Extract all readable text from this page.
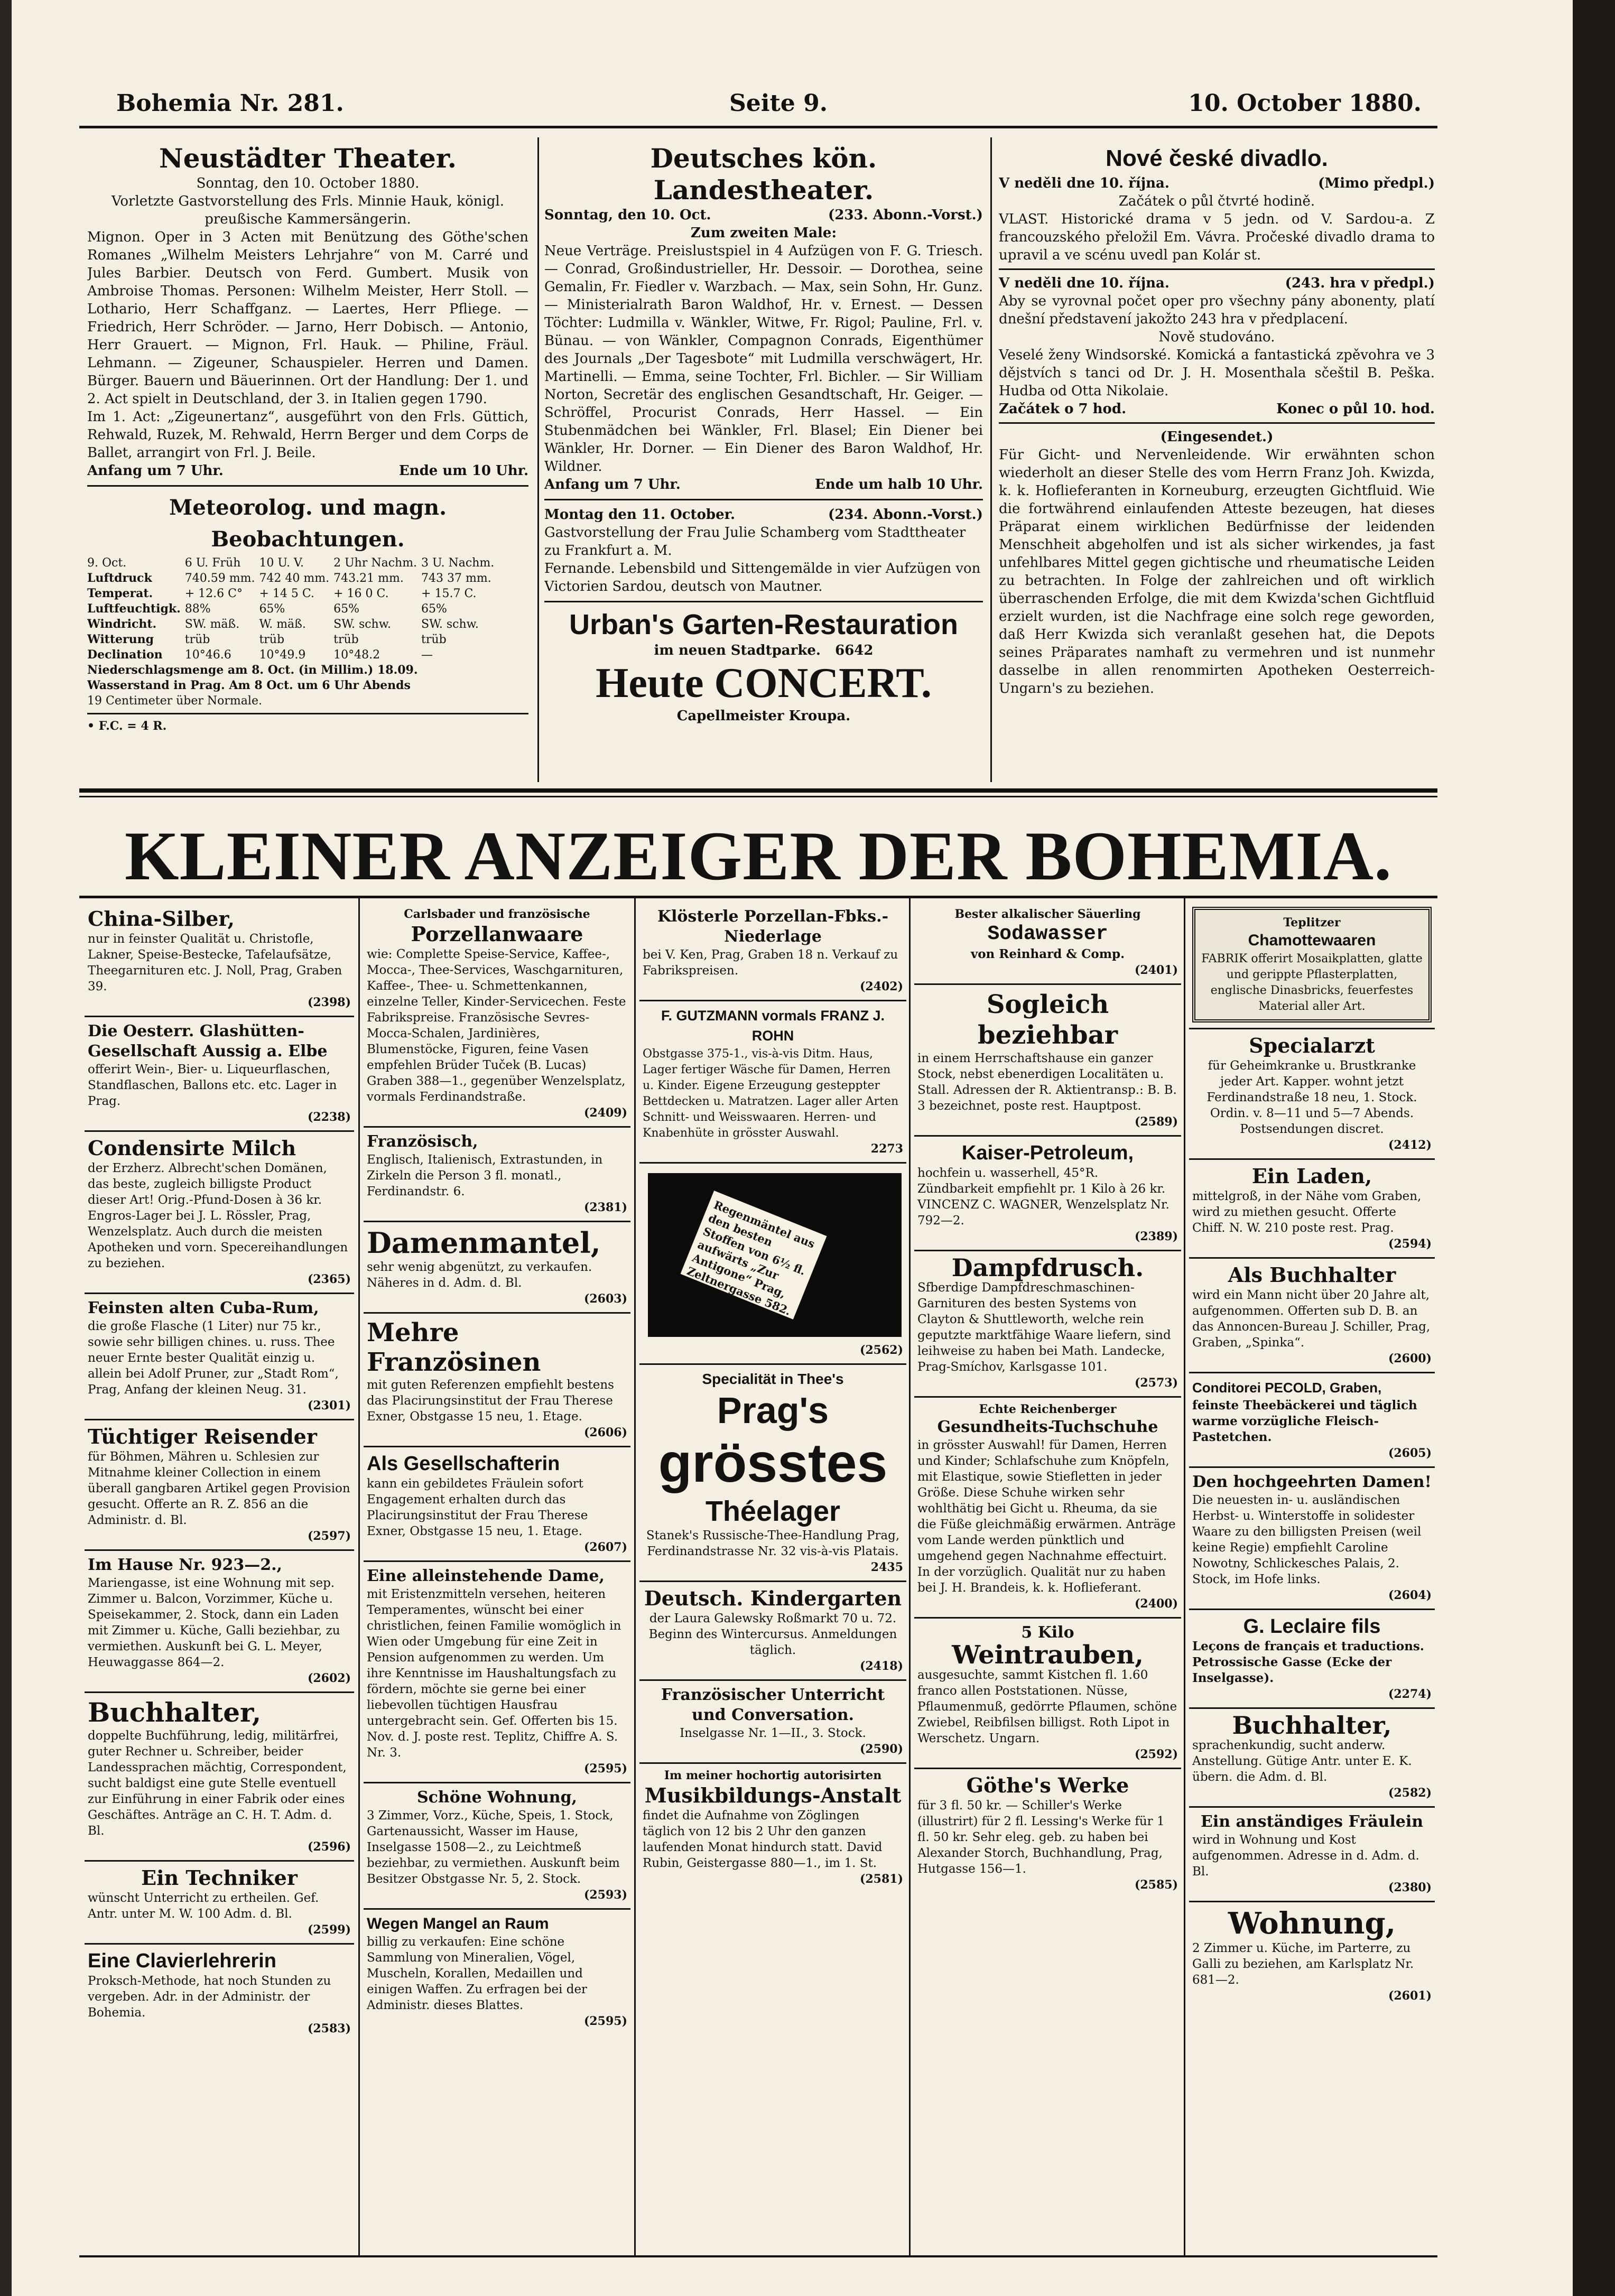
Bohemia Nr. 281.	Seite 9.	10. October 1880.
Neustädter Theater.
Sonntag, den 10. October 1880.
Vorletzte Gastvorstellung des Frls. Minnie Hauk, königl. preußische Kammersängerin.
Mignon. Oper in 3 Acten mit Benützung des Göthe'schen Romanes „Wilhelm Meisters Lehrjahre“ von M. Carré und Jules Barbier. Deutsch von Ferd. Gumbert. Musik von Ambroise Thomas. Personen: Wilhelm Meister, Herr Stoll. — Lothario, Herr Schaffganz. — Laertes, Herr Pfliege. — Friedrich, Herr Schröder. — Jarno, Herr Dobisch. — Antonio, Herr Grauert. — Mignon, Frl. Hauk. — Philine, Fräul. Lehmann. — Zigeuner, Schauspieler. Herren und Damen. Bürger. Bauern und Bäuerinnen. Ort der Handlung: Der 1. und 2. Act spielt in Deutschland, der 3. in Italien gegen 1790.
Im 1. Act: „Zigeunertanz“, ausgeführt von den Frls. Güttich, Rehwald, Ruzek, M. Rehwald, Herrn Berger und dem Corps de Ballet, arrangirt von Frl. J. Beile.
Anfang um 7 Uhr.	Ende um 10 Uhr.
Meteorolog. und magn. Beobachtungen.
9. Oct.	6 U. Früh	10 U. V.	2 Uhr Nachm.	3 U. Nachm.
Luftdruck	740.59 mm.	742 40 mm.	743.21 mm.	743 37 mm.
Temperat.	+ 12.6 C°	+ 14 5 C.	+ 16 0 C.	+ 15.7 C.
Luftfeuchtigk.	88%	65%	65%	65%
Windricht.	SW. mäß.	W. mäß.	SW. schw.	SW. schw.
Witterung	trüb	trüb	trüb	trüb
Declination	10°46.6	10°49.9	10°48.2	—
Niederschlagsmenge am 8. Oct. (in Millim.) 18.09.
Wasserstand in Prag. Am 8 Oct. um 6 Uhr Abends
19 Centimeter über Normale.
• F.C. = 4 R.
Deutsches kön. Landestheater.
Sonntag, den 10. Oct.	(233. Abonn.-Vorst.)
Zum zweiten Male:
Neue Verträge. Preislustspiel in 4 Aufzügen von F. G. Triesch. — Conrad, Großindustrieller, Hr. Dessoir. — Dorothea, seine Gemalin, Fr. Fiedler v. Warzbach. — Max, sein Sohn, Hr. Gunz. — Ministerialrath Baron Waldhof, Hr. v. Ernest. — Dessen Töchter: Ludmilla v. Wänkler, Witwe, Fr. Rigol; Pauline, Frl. v. Bünau. — von Wänkler, Compagnon Conrads, Eigenthümer des Journals „Der Tagesbote“ mit Ludmilla verschwägert, Hr. Martinelli. — Emma, seine Tochter, Frl. Bichler. — Sir William Norton, Secretär des englischen Gesandtschaft, Hr. Geiger. — Schröffel, Procurist Conrads, Herr Hassel. — Ein Stubenmädchen bei Wänkler, Frl. Blasel; Ein Diener bei Wänkler, Hr. Dorner. — Ein Diener des Baron Waldhof, Hr. Wildner.
Anfang um 7 Uhr.	Ende um halb 10 Uhr.
Montag den 11. October.	(234. Abonn.-Vorst.)
Gastvorstellung der Frau Julie Schamberg vom Stadttheater zu Frankfurt a. M.
Fernande. Lebensbild und Sittengemälde in vier Aufzügen von Victorien Sardou, deutsch von Mautner.
Urban's Garten-Restauration
im neuen Stadtparke. 6642
Heute CONCERT.
Capellmeister Kroupa.
Nové české divadlo.
V neděli dne 10. října.	(Mimo předpl.)
Začátek o půl čtvrté hodině.
VLAST. Historické drama v 5 jedn. od V. Sardou-a. Z francouzského přeložil Em. Vávra. Pročeské divadlo drama to upravil a ve scénu uvedl pan Kolár st.
V neděli dne 10. října.	(243. hra v předpl.)
Aby se vyrovnal počet oper pro všechny pány abonenty, platí dnešní představení jakožto 243 hra v předplacení.
Nově studováno.
Veselé ženy Windsorské. Komická a fantastická zpěvohra ve 3 dějstvích s tanci od Dr. J. H. Mosenthala sčeštil B. Peška. Hudba od Otta Nikolaie.
Začátek o 7 hod.	Konec o půl 10. hod.
(Eingesendet.)
Für Gicht- und Nervenleidende. Wir erwähnten schon wiederholt an dieser Stelle des vom Herrn Franz Joh. Kwizda, k. k. Hoflieferanten in Korneuburg, erzeugten Gichtfluid. Wie die fortwährend einlaufenden Atteste bezeugen, hat dieses Präparat einem wirklichen Bedürfnisse der leidenden Menschheit abgeholfen und ist als sicher wirkendes, ja fast unfehlbares Mittel gegen gichtische und rheumatische Leiden zu betrachten. In Folge der zahlreichen und oft wirklich überraschenden Erfolge, die mit dem Kwizda'schen Gichtfluid erzielt wurden, ist die Nachfrage eine solch rege geworden, daß Herr Kwizda sich veranlaßt gesehen hat, die Depots seines Präparates namhaft zu vermehren und ist nunmehr dasselbe in allen renommirten Apotheken Oesterreich-Ungarn's zu beziehen.
KLEINER ANZEIGER DER BOHEMIA.
China-Silber,
nur in feinster Qualität u. Christofle, Lakner, Speise-Bestecke, Tafelaufsätze, Theegarnituren etc. J. Noll, Prag, Graben 39.
(2398)
Die Oesterr. Glashütten-Gesellschaft Aussig a. Elbe
offerirt Wein-, Bier- u. Liqueurflaschen, Standflaschen, Ballons etc. etc. Lager in Prag.
(2238)
Condensirte Milch
der Erzherz. Albrecht'schen Domänen, das beste, zugleich billigste Product dieser Art! Orig.-Pfund-Dosen à 36 kr. Engros-Lager bei J. L. Rössler, Prag, Wenzelsplatz. Auch durch die meisten Apotheken und vorn. Specereihandlungen zu beziehen.
(2365)
Feinsten alten Cuba-Rum,
die große Flasche (1 Liter) nur 75 kr., sowie sehr billigen chines. u. russ. Thee neuer Ernte bester Qualität einzig u. allein bei Adolf Pruner, zur „Stadt Rom“, Prag, Anfang der kleinen Neug. 31.
(2301)
Tüchtiger Reisender
für Böhmen, Mähren u. Schlesien zur Mitnahme kleiner Collection in einem überall gangbaren Artikel gegen Provision gesucht. Offerte an R. Z. 856 an die Administr. d. Bl.
(2597)
Im Hause Nr. 923—2.,
Mariengasse, ist eine Wohnung mit sep. Zimmer u. Balcon, Vorzimmer, Küche u. Speisekammer, 2. Stock, dann ein Laden mit Zimmer u. Küche, Galli beziehbar, zu vermiethen. Auskunft bei G. L. Meyer, Heuwaggasse 864—2.
(2602)
Buchhalter,
doppelte Buchführung, ledig, militärfrei, guter Rechner u. Schreiber, beider Landessprachen mächtig, Correspondent, sucht baldigst eine gute Stelle eventuell zur Einführung in einer Fabrik oder eines Geschäftes. Anträge an C. H. T. Adm. d. Bl.
(2596)
Ein Techniker
wünscht Unterricht zu ertheilen. Gef. Antr. unter M. W. 100 Adm. d. Bl.
(2599)
Eine Clavierlehrerin
Proksch-Methode, hat noch Stunden zu vergeben. Adr. in der Administr. der Bohemia.
(2583)
Carlsbader und französische
Porzellanwaare
wie: Complette Speise-Service, Kaffee-, Mocca-, Thee-Services, Waschgarnituren, Kaffee-, Thee- u. Schmettenkannen, einzelne Teller, Kinder-Servicechen. Feste Fabrikspreise. Französische Sevres-Mocca-Schalen, Jardinières, Blumenstöcke, Figuren, feine Vasen empfehlen Brüder Tuček (B. Lucas) Graben 388—1., gegenüber Wenzelsplatz, vormals Ferdinandstraße.
(2409)
Französisch,
Englisch, Italienisch, Extrastunden, in Zirkeln die Person 3 fl. monatl., Ferdinandstr. 6.
(2381)
Damenmantel,
sehr wenig abgenützt, zu verkaufen. Näheres in d. Adm. d. Bl.
(2603)
Mehre Französinen
mit guten Referenzen empfiehlt bestens das Placirungsinstitut der Frau Therese Exner, Obstgasse 15 neu, 1. Etage.
(2606)
Als Gesellschafterin
kann ein gebildetes Fräulein sofort Engagement erhalten durch das Placirungsinstitut der Frau Therese Exner, Obstgasse 15 neu, 1. Etage.
(2607)
Eine alleinstehende Dame,
mit Eristenzmitteln versehen, heiteren Temperamentes, wünscht bei einer christlichen, feinen Familie womöglich in Wien oder Umgebung für eine Zeit in Pension aufgenommen zu werden. Um ihre Kenntnisse im Haushaltungsfach zu fördern, möchte sie gerne bei einer liebevollen tüchtigen Hausfrau untergebracht sein. Gef. Offerten bis 15. Nov. d. J. poste rest. Teplitz, Chiffre A. S. Nr. 3.
(2595)
Schöne Wohnung,
3 Zimmer, Vorz., Küche, Speis, 1. Stock, Gartenaussicht, Wasser im Hause, Inselgasse 1508—2., zu Leichtmeß beziehbar, zu vermiethen. Auskunft beim Besitzer Obstgasse Nr. 5, 2. Stock.
(2593)
Wegen Mangel an Raum
billig zu verkaufen: Eine schöne Sammlung von Mineralien, Vögel, Muscheln, Korallen, Medaillen und einigen Waffen. Zu erfragen bei der Administr. dieses Blattes.
(2595)
Klösterle Porzellan-Fbks.-Niederlage
bei V. Ken, Prag, Graben 18 n. Verkauf zu Fabrikspreisen.
(2402)
F. GUTZMANN vormals FRANZ J. ROHN
Obstgasse 375-1., vis-à-vis Ditm. Haus, Lager fertiger Wäsche für Damen, Herren u. Kinder. Eigene Erzeugung gesteppter Bettdecken u. Matratzen. Lager aller Arten Schnitt- und Weisswaaren. Herren- und Knabenhüte in grösster Auswahl.
2273
Regenmäntel aus den besten Stoffen von 6½ fl. aufwärts „Zur Antigone“ Prag, Zeltnergasse 582.
(2562)
Specialität in Thee's
Prag's
grösstes
Théelager
Stanek's Russische-Thee-Handlung Prag, Ferdinandstrasse Nr. 32 vis-à-vis Platais.
2435
Deutsch. Kindergarten
der Laura Galewsky Roßmarkt 70 u. 72. Beginn des Wintercursus. Anmeldungen täglich.
(2418)
Französischer Unterricht und Conversation.
Inselgasse Nr. 1—II., 3. Stock.
(2590)
Im meiner hochortig autorisirten
Musikbildungs-Anstalt
findet die Aufnahme von Zöglingen täglich von 12 bis 2 Uhr den ganzen laufenden Monat hindurch statt. David Rubin, Geistergasse 880—1., im 1. St.
(2581)
Bester alkalischer Säuerling
Sodawasser
von Reinhard & Comp.
(2401)
Sogleich beziehbar
in einem Herrschaftshause ein ganzer Stock, nebst ebenerdigen Localitäten u. Stall. Adressen der R. Aktientransp.: B. B. 3 bezeichnet, poste rest. Hauptpost.
(2589)
Kaiser-Petroleum,
hochfein u. wasserhell, 45°R. Zündbarkeit empfiehlt pr. 1 Kilo à 26 kr. VINCENZ C. WAGNER, Wenzelsplatz Nr. 792—2.
(2389)
Dampfdrusch.
Sfberdige Dampfdreschmaschinen-Garnituren des besten Systems von Clayton & Shuttleworth, welche rein geputzte marktfähige Waare liefern, sind leihweise zu haben bei Math. Landecke, Prag-Smíchov, Karlsgasse 101.
(2573)
Echte Reichenberger
Gesundheits-Tuchschuhe
in grösster Auswahl! für Damen, Herren und Kinder; Schlafschuhe zum Knöpfeln, mit Elastique, sowie Stiefletten in jeder Größe. Diese Schuhe wirken sehr wohlthätig bei Gicht u. Rheuma, da sie die Füße gleichmäßig erwärmen. Anträge vom Lande werden pünktlich und umgehend gegen Nachnahme effectuirt. In der vorzüglich. Qualität nur zu haben bei J. H. Brandeis, k. k. Hoflieferant.
(2400)
5 Kilo
Weintrauben,
ausgesuchte, sammt Kistchen fl. 1.60 franco allen Poststationen. Nüsse, Pflaumenmuß, gedörrte Pflaumen, schöne Zwiebel, Reibfilsen billigst. Roth Lipot in Werschetz. Ungarn.
(2592)
Göthe's Werke
für 3 fl. 50 kr. — Schiller's Werke (illustrirt) für 2 fl. Lessing's Werke für 1 fl. 50 kr. Sehr eleg. geb. zu haben bei Alexander Storch, Buchhandlung, Prag, Hutgasse 156—1.
(2585)
Teplitzer
Chamottewaaren
FABRIK offerirt Mosaikplatten, glatte und gerippte Pflasterplatten, englische Dinasbricks, feuerfestes Material aller Art.
Specialarzt
für Geheimkranke u. Brustkranke jeder Art. Kapper. wohnt jetzt Ferdinandstraße 18 neu, 1. Stock. Ordin. v. 8—11 und 5—7 Abends. Postsendungen discret.
(2412)
Ein Laden,
mittelgroß, in der Nähe vom Graben, wird zu miethen gesucht. Offerte Chiff. N. W. 210 poste rest. Prag.
(2594)
Als Buchhalter
wird ein Mann nicht über 20 Jahre alt, aufgenommen. Offerten sub D. B. an das Annoncen-Bureau J. Schiller, Prag, Graben, „Spinka“.
(2600)
Conditorei PECOLD, Graben,
feinste Theebäckerei und täglich warme vorzügliche Fleisch-Pastetchen.
(2605)
Den hochgeehrten Damen!
Die neuesten in- u. ausländischen Herbst- u. Winterstoffe in solidester Waare zu den billigsten Preisen (weil keine Regie) empfiehlt Caroline Nowotny, Schlickesches Palais, 2. Stock, im Hofe links.
(2604)
G. Leclaire fils
Leçons de français et traductions. Petrossische Gasse (Ecke der Inselgasse).
(2274)
Buchhalter,
sprachenkundig, sucht anderw. Anstellung. Gütige Antr. unter E. K. übern. die Adm. d. Bl.
(2582)
Ein anständiges Fräulein
wird in Wohnung und Kost aufgenommen. Adresse in d. Adm. d. Bl.
(2380)
Wohnung,
2 Zimmer u. Küche, im Parterre, zu Galli zu beziehen, am Karlsplatz Nr. 681—2.
(2601)
